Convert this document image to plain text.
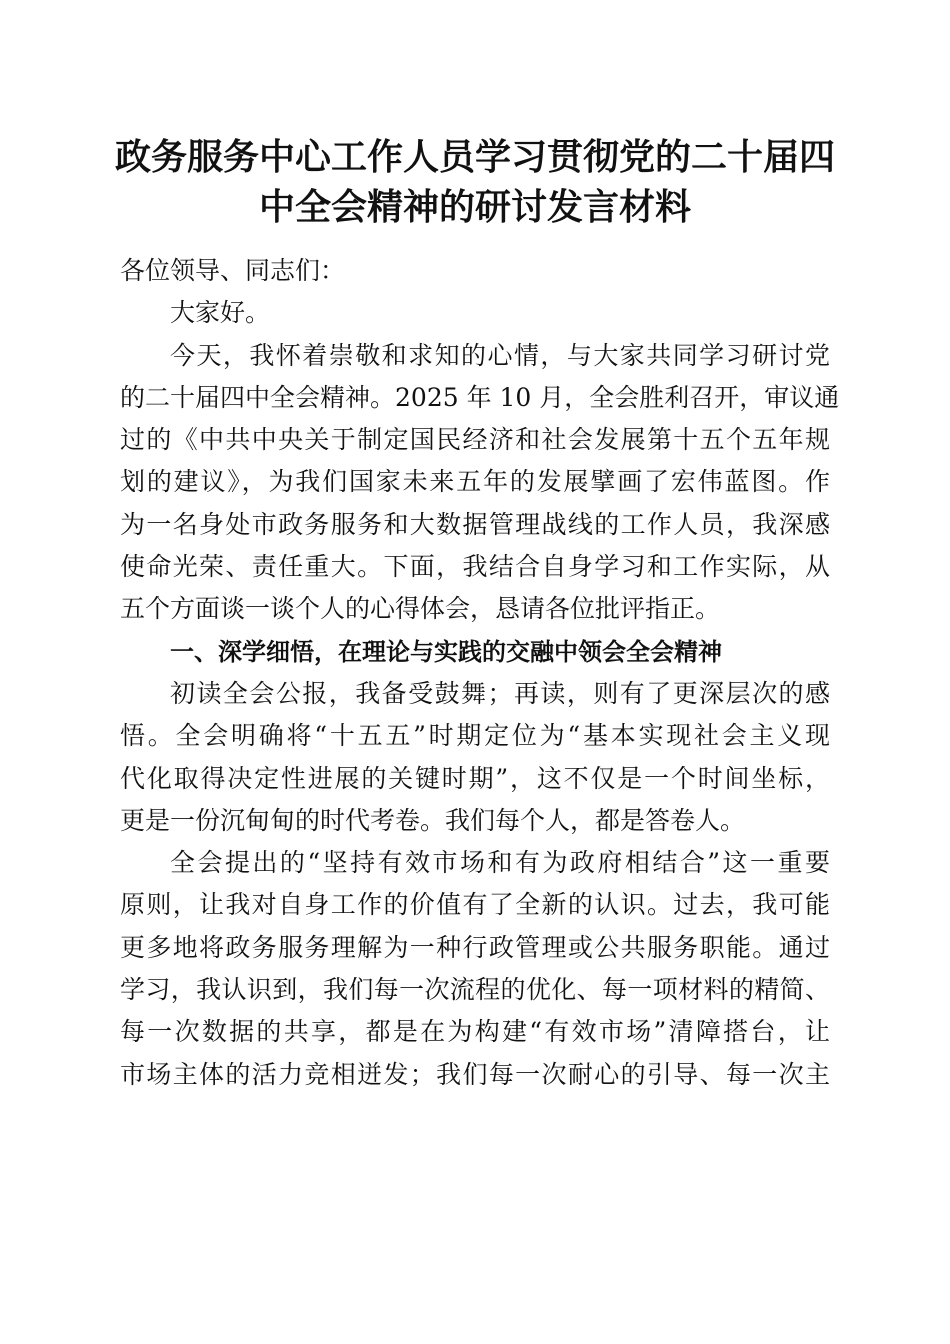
政务服务中心工作人员学习贯彻党的二十届四
中全会精神的研讨发言材料
各位领导、同志们：
大家好。
今天，我怀着崇敬和求知的心情，与大家共同学习研讨党
的二十届四中全会精神。2025 年 10 月，全会胜利召开，审议通
过的《中共中央关于制定国民经济和社会发展第十五个五年规
划的建议》，为我们国家未来五年的发展擘画了宏伟蓝图。作
为一名身处市政务服务和大数据管理战线的工作人员，我深感
使命光荣、责任重大。下面，我结合自身学习和工作实际，从
五个方面谈一谈个人的心得体会，恳请各位批评指正。
一、深学细悟，在理论与实践的交融中领会全会精神
初读全会公报，我备受鼓舞；再读，则有了更深层次的感
悟。全会明确将“十五五”时期定位为“基本实现社会主义现
代化取得决定性进展的关键时期”，这不仅是一个时间坐标，
更是一份沉甸甸的时代考卷。我们每个人，都是答卷人。
全会提出的“坚持有效市场和有为政府相结合”这一重要
原则，让我对自身工作的价值有了全新的认识。过去，我可能
更多地将政务服务理解为一种行政管理或公共服务职能。通过
学习，我认识到，我们每一次流程的优化、每一项材料的精简、
每一次数据的共享，都是在为构建“有效市场”清障搭台，让
市场主体的活力竞相迸发；我们每一次耐心的引导、每一次主
